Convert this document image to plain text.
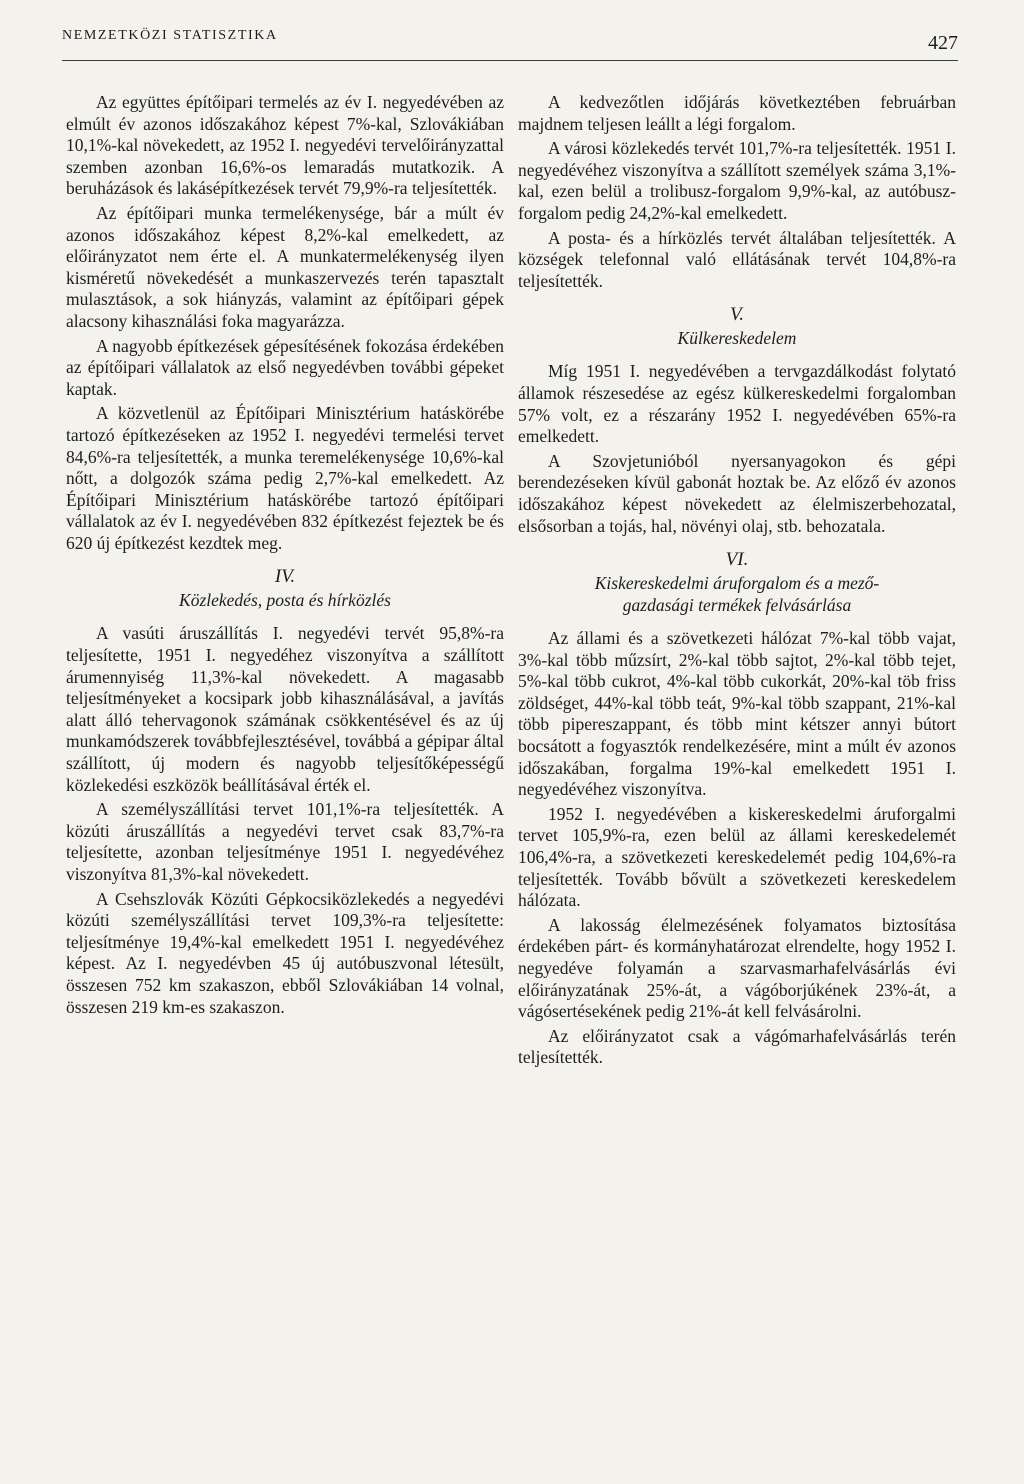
NEMZETKÖZI STATISZTIKA	427

Az együttes építőipari termelés az év I. negyedévében az elmúlt év azonos időszakához képest 7%-kal, Szlovákiában 10,1%-kal növekedett, az 1952 I. negyedévi tervelőirányzattal szemben azonban 16,6%-os lemaradás mutatkozik. A beruházások és lakásépítkezések tervét 79,9%-ra teljesítették.

Az építőipari munka termelékenysége, bár a múlt év azonos időszakához képest 8,2%-kal emelkedett, az előirányzatot nem érte el. A munkatermelékenység ilyen kisméretű növekedését a munkaszervezés terén tapasztalt mulasztások, a sok hiányzás, valamint az építőipari gépek alacsony kihasználási foka magyarázza.

A nagyobb építkezések gépesítésének fokozása érdekében az építőipari vállalatok az első negyedévben további gépeket kaptak.

A közvetlenül az Építőipari Minisztérium hatáskörébe tartozó építkezéseken az 1952 I. negyedévi termelési tervet 84,6%-ra teljesítették, a munka teremelékenysége 10,6%-kal nőtt, a dolgozók száma pedig 2,7%-kal emelkedett. Az Építőipari Minisztérium hatáskörébe tartozó építőipari vállalatok az év I. negyedévében 832 építkezést fejeztek be és 620 új építkezést kezdtek meg.

IV.
Közlekedés, posta és hírközlés

A vasúti áruszállítás I. negyedévi tervét 95,8%-ra teljesítette, 1951 I. negyedéhez viszonyítva a szállított árumennyiség 11,3%-kal növekedett. A magasabb teljesítményeket a kocsipark jobb kihasználásával, a javítás alatt álló tehervagonok számának csökkentésével és az új munkamódszerek továbbfejlesztésével, továbbá a gépipar által szállított, új modern és nagyobb teljesítőképességű közlekedési eszközök beállításával érték el.

A személyszállítási tervet 101,1%-ra teljesítették. A közúti áruszállítás a negyedévi tervet csak 83,7%-ra teljesítette, azonban teljesítménye 1951 I. negyedévéhez viszonyítva 81,3%-kal növekedett.

A Csehszlovák Közúti Gépkocsiközlekedés a negyedévi közúti személyszállítási tervet 109,3%-ra teljesítette: teljesítménye 19,4%-kal emelkedett 1951 I. negyedévéhez képest. Az I. negyedévben 45 új autóbuszvonal létesült, összesen 752 km szakaszon, ebből Szlovákiában 14 volnal, összesen 219 km-es szakaszon.

A kedvezőtlen időjárás következtében februárban majdnem teljesen leállt a légi forgalom.

A városi közlekedés tervét 101,7%-ra teljesítették. 1951 I. negyedévéhez viszonyítva a szállított személyek száma 3,1%-kal, ezen belül a trolibusz-forgalom 9,9%-kal, az autóbusz-forgalom pedig 24,2%-kal emelkedett.

A posta- és a hírközlés tervét általában teljesítették. A községek telefonnal való ellátásának tervét 104,8%-ra teljesítették.

V.
Külkereskedelem

Míg 1951 I. negyedévében a tervgazdálkodást folytató államok részesedése az egész külkereskedelmi forgalomban 57% volt, ez a részarány 1952 I. negyedévében 65%-ra emelkedett.

A Szovjetunióból nyersanyagokon és gépi berendezéseken kívül gabonát hoztak be. Az előző év azonos időszakához képest növekedett az élelmiszerbehozatal, elsősorban a tojás, hal, növényi olaj, stb. behozatala.

VI.
Kiskereskedelmi áruforgalom és a mező-
gazdasági termékek felvásárlása

Az állami és a szövetkezeti hálózat 7%-kal több vajat, 3%-kal több műzsírt, 2%-kal több sajtot, 2%-kal több tejet, 5%-kal több cukrot, 4%-kal több cukorkát, 20%-kal töb friss zöldséget, 44%-kal több teát, 9%-kal több szappant, 21%-kal több pipereszappant, és több mint kétszer annyi bútort bocsátott a fogyasztók rendelkezésére, mint a múlt év azonos időszakában, forgalma 19%-kal emelkedett 1951 I. negyedévéhez viszonyítva.

1952 I. negyedévében a kiskereskedelmi áruforgalmi tervet 105,9%-ra, ezen belül az állami kereskedelemét 106,4%-ra, a szövetkezeti kereskedelemét pedig 104,6%-ra teljesítették. Tovább bővült a szövetkezeti kereskedelem hálózata.

A lakosság élelmezésének folyamatos biztosítása érdekében párt- és kormányhatározat elrendelte, hogy 1952 I. negyedéve folyamán a szarvasmarhafelvásárlás évi előirányzatának 25%-át, a vágóborjúkének 23%-át, a vágósertésekének pedig 21%-át kell felvásárolni.

Az előirányzatot csak a vágómarhafelvásárlás terén teljesítették.
